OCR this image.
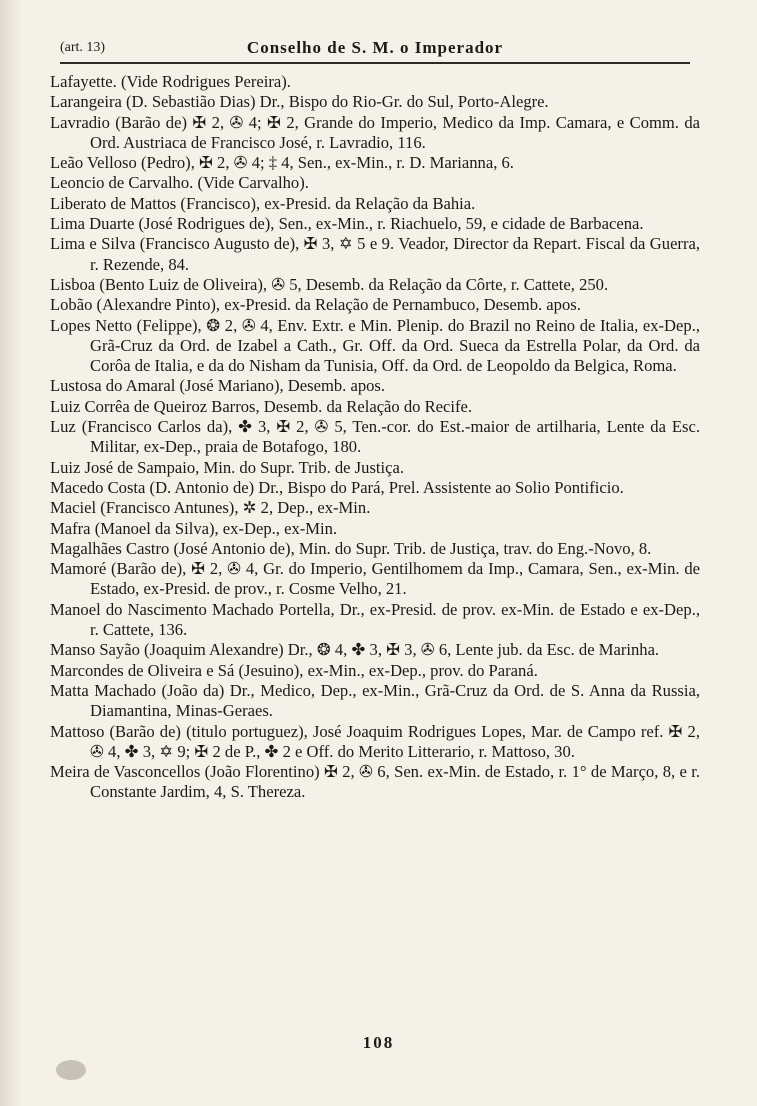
(art. 13)	Conselho de S. M. o Imperador
Lafayette. (Vide Rodrigues Pereira).
Larangeira (D. Sebastião Dias) Dr., Bispo do Rio-Gr. do Sul, Porto-Alegre.
Lavradio (Barão de) ✠ 2, ✇ 4; ✠ 2, Grande do Imperio, Medico da Imp. Camara, e Comm. da Ord. Austriaca de Francisco José, r. Lavradio, 116.
Leão Velloso (Pedro), ✠ 2, ✇ 4; ‡ 4, Sen., ex-Min., r. D. Marianna, 6.
Leoncio de Carvalho. (Vide Carvalho).
Liberato de Mattos (Francisco), ex-Presid. da Relação da Bahia.
Lima Duarte (José Rodrigues de), Sen., ex-Min., r. Riachuelo, 59, e cidade de Barbacena.
Lima e Silva (Francisco Augusto de), ✠ 3, ✡ 5 e 9. Veador, Director da Repart. Fiscal da Guerra, r. Rezende, 84.
Lisboa (Bento Luiz de Oliveira), ✇ 5, Desemb. da Relação da Côrte, r. Cattete, 250.
Lobão (Alexandre Pinto), ex-Presid. da Relação de Pernambuco, Desemb. apos.
Lopes Netto (Felippe), ❂ 2, ✇ 4, Env. Extr. e Min. Plenip. do Brazil no Reino de Italia, ex-Dep., Grã-Cruz da Ord. de Izabel a Cath., Gr. Off. da Ord. Sueca da Estrella Polar, da Ord. da Corôa de Italia, e da do Nisham da Tunisia, Off. da Ord. de Leopoldo da Belgica, Roma.
Lustosa do Amaral (José Mariano), Desemb. apos.
Luiz Corrêa de Queiroz Barros, Desemb. da Relação do Recife.
Luz (Francisco Carlos da), ✤ 3, ✠ 2, ✇ 5, Ten.-cor. do Est.-maior de artilharia, Lente da Esc. Militar, ex-Dep., praia de Botafogo, 180.
Luiz José de Sampaio, Min. do Supr. Trib. de Justiça.
Macedo Costa (D. Antonio de) Dr., Bispo do Pará, Prel. Assistente ao Solio Pontificio.
Maciel (Francisco Antunes), ✲ 2, Dep., ex-Min.
Mafra (Manoel da Silva), ex-Dep., ex-Min.
Magalhães Castro (José Antonio de), Min. do Supr. Trib. de Justiça, trav. do Eng.-Novo, 8.
Mamoré (Barão de), ✠ 2, ✇ 4, Gr. do Imperio, Gentilhomem da Imp., Camara, Sen., ex-Min. de Estado, ex-Presid. de prov., r. Cosme Velho, 21.
Manoel do Nascimento Machado Portella, Dr., ex-Presid. de prov. ex-Min. de Estado e ex-Dep., r. Cattete, 136.
Manso Sayão (Joaquim Alexandre) Dr., ❂ 4, ✤ 3, ✠ 3, ✇ 6, Lente jub. da Esc. de Marinha.
Marcondes de Oliveira e Sá (Jesuino), ex-Min., ex-Dep., prov. do Paraná.
Matta Machado (João da) Dr., Medico, Dep., ex-Min., Grã-Cruz da Ord. de S. Anna da Russia, Diamantina, Minas-Geraes.
Mattoso (Barão de) (titulo portuguez), José Joaquim Rodrigues Lopes, Mar. de Campo ref. ✠ 2, ✇ 4, ✤ 3, ✡ 9; ✠ 2 de P., ✤ 2 e Off. do Merito Litterario, r. Mattoso, 30.
Meira de Vasconcellos (João Florentino) ✠ 2, ✇ 6, Sen. ex-Min. de Estado, r. 1° de Março, 8, e r. Constante Jardim, 4, S. Thereza.
108
